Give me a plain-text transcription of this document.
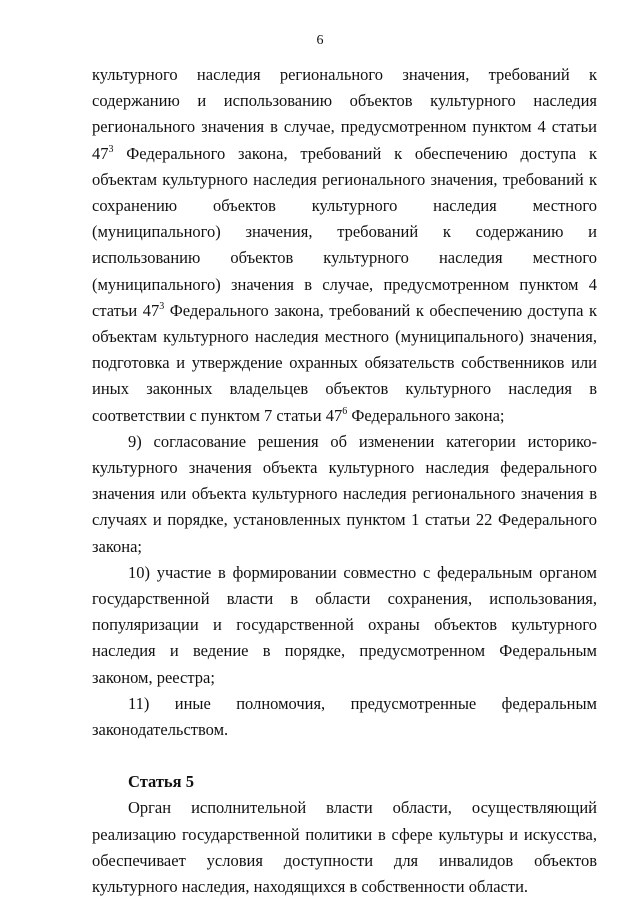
6

культурного наследия регионального значения, требований к содержанию и использованию объектов культурного наследия регионального значения в случае, предусмотренном пунктом 4 статьи $47^3$ Федерального закона, требований к обеспечению доступа к объектам культурного наследия регионального значения, требований к сохранению объектов культурного наследия местного (муниципального) значения, требований к содержанию и использованию объектов культурного наследия местного (муниципального) значения в случае, предусмотренном пунктом 4 статьи $47^3$ Федерального закона, требований к обеспечению доступа к объектам культурного наследия местного (муниципального) значения, подготовка и утверждение охранных обязательств собственников или иных законных владельцев объектов культурного наследия в соответствии с пунктом 7 статьи $47^6$ Федерального закона;

9) согласование решения об изменении категории историко-культурного значения объекта культурного наследия федерального значения или объекта культурного наследия регионального значения в случаях и порядке, установленных пунктом 1 статьи 22 Федерального закона;

10) участие в формировании совместно с федеральным органом государственной власти в области сохранения, использования, популяризации и государственной охраны объектов культурного наследия и ведение в порядке, предусмотренном Федеральным законом, реестра;

11) иные полномочия, предусмотренные федеральным законодательством.

Статья 5

Орган исполнительной власти области, осуществляющий реализацию государственной политики в сфере культуры и искусства, обеспечивает условия доступности для инвалидов объектов культурного наследия, находящихся в собственности области.
